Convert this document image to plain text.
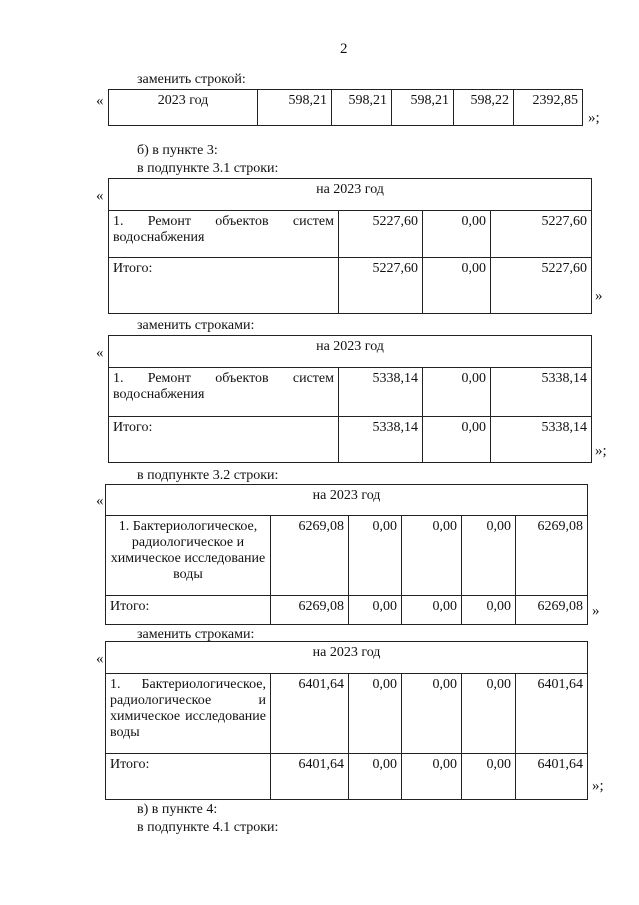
2
заменить строкой:
«	2023 год	598,21	598,21	598,21	598,22	2392,85
»;
б) в пункте 3:
в подпункте 3.1 строки:
«	на 2023 год			
1. Ремонт объектов систем водоснабжения	5227,60	0,00	5227,60
Итого:	5227,60	0,00	5227,60
»
заменить строками:
«	на 2023 год			
1. Ремонт объектов систем водоснабжения	5338,14	0,00	5338,14
Итого:	5338,14	0,00	5338,14
»;
в подпункте 3.2 строки:
«	на 2023 год					
1. Бактериологическое, радиологическое и химическое исследование воды	6269,08	0,00	0,00	0,00	6269,08
Итого:	6269,08	0,00	0,00	0,00	6269,08 »
заменить строками:
«	на 2023 год					
1. Бактериологическое, радиологическое и химическое исследование воды	6401,64	0,00	0,00	0,00	6401,64
Итого:	6401,64	0,00	0,00	0,00	6401,64
»;
в) в пункте 4:
в подпункте 4.1 строки:
